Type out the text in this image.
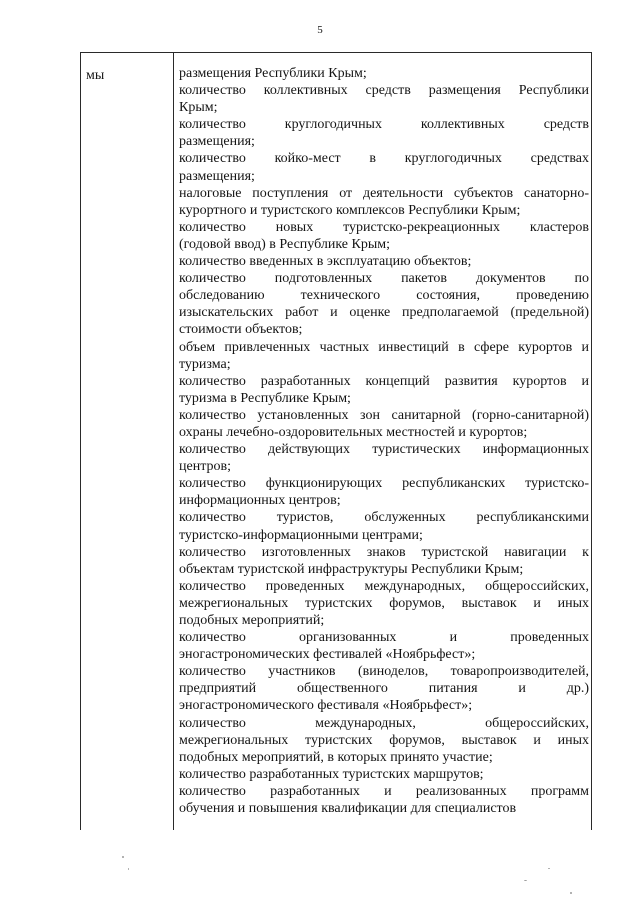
5
мы	размещения Республики Крым;
количество коллективных средств размещения Республики
Крым;
количество круглогодичных коллективных средств
размещения;
количество койко-мест в круглогодичных средствах
размещения;
налоговые поступления от деятельности субъектов санаторно-
курортного и туристского комплексов Республики Крым;
количество новых туристско-рекреационных кластеров
(годовой ввод) в Республике Крым;
количество введенных в эксплуатацию объектов;
количество подготовленных пакетов документов по
обследованию технического состояния, проведению
изыскательских работ и оценке предполагаемой (предельной)
стоимости объектов;
объем привлеченных частных инвестиций в сфере курортов и
туризма;
количество разработанных концепций развития курортов и
туризма в Республике Крым;
количество установленных зон санитарной (горно-санитарной)
охраны лечебно-оздоровительных местностей и курортов;
количество действующих туристических информационных
центров;
количество функционирующих республиканских туристско-
информационных центров;
количество туристов, обслуженных республиканскими
туристско-информационными центрами;
количество изготовленных знаков туристской навигации к
объектам туристской инфраструктуры Республики Крым;
количество проведенных международных, общероссийских,
межрегиональных туристских форумов, выставок и иных
подобных мероприятий;
количество организованных и проведенных
эногастрономических фестивалей «Ноябрьфест»;
количество участников (виноделов, товаропроизводителей,
предприятий общественного питания и др.)
эногастрономического фестиваля «Ноябрьфест»;
количество международных, общероссийских,
межрегиональных туристских форумов, выставок и иных
подобных мероприятий, в которых принято участие;
количество разработанных туристских маршрутов;
количество разработанных и реализованных программ
обучения и повышения квалификации для специалистов
